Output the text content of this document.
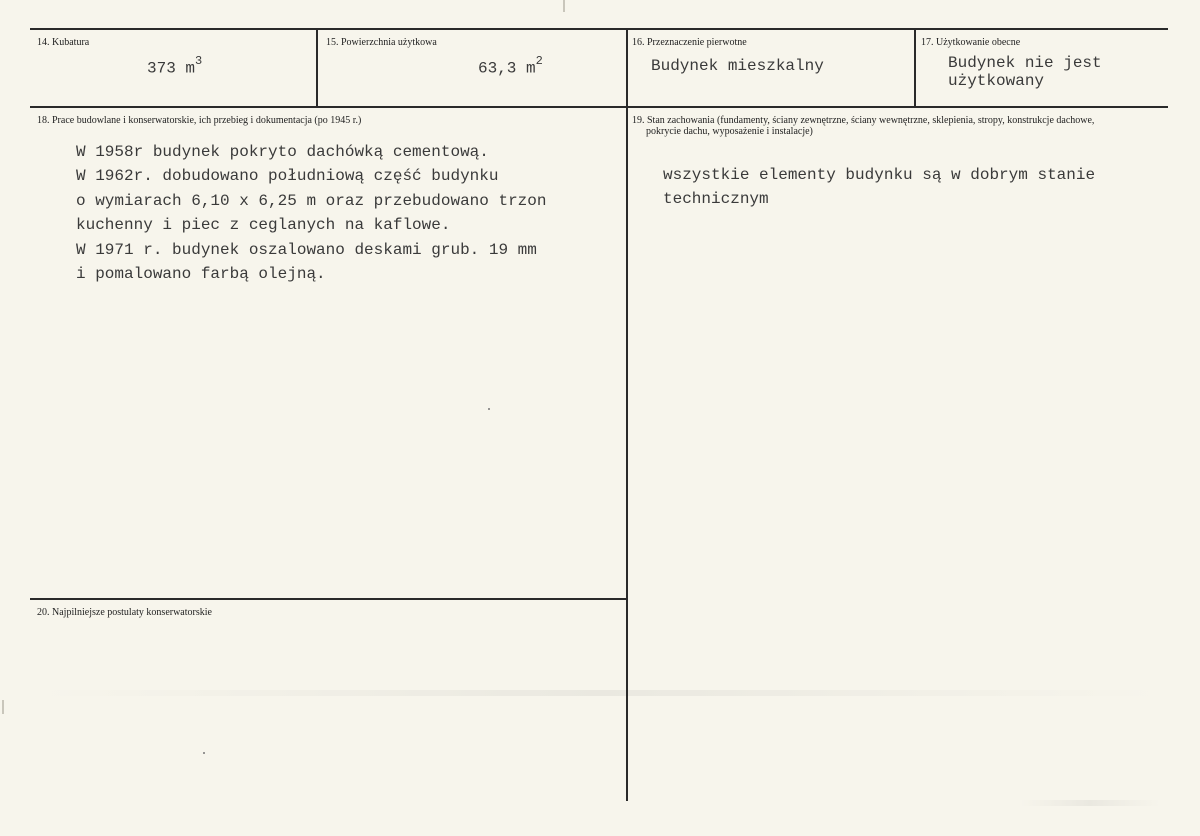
14. Kubatura
373 $m^3$
15. Powierzchnia użytkowa
63,3 $m^2$
16. Przeznaczenie pierwotne
Budynek mieszkalny
17. Użytkowanie obecne
Budynek nie jest
użytkowany
18. Prace budowlane i konserwatorskie, ich przebieg i dokumentacja (po 1945 r.)
W 1958r budynek pokryto dachówką cementową.
W 1962r. dobudowano południową część budynku
o wymiarach 6,10 x 6,25 m oraz przebudowano trzon
kuchenny i piec z ceglanych na kaflowe.
W 1971 r. budynek oszalowano deskami grub. 19 mm
i pomalowano farbą olejną.
19. Stan zachowania (fundamenty, ściany zewnętrzne, ściany wewnętrzne, sklepienia, stropy, konstrukcje dachowe,
pokrycie dachu, wyposażenie i instalacje)
wszystkie elementy budynku są w dobrym stanie
technicznym
20. Najpilniejsze postulaty konserwatorskie
